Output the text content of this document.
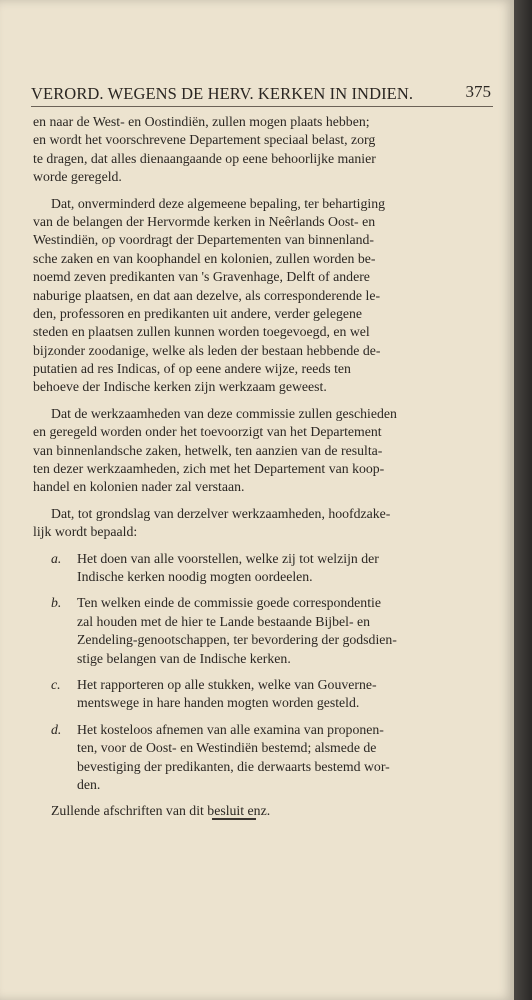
VERORD. WEGENS DE HERV. KERKEN IN INDIEN.	375
en naar de West- en Oostindiën, zullen mogen plaats hebben;
en wordt het voorschrevene Departement speciaal belast, zorg
te dragen, dat alles dienaangaande op eene behoorlijke manier
worde geregeld.
Dat, onverminderd deze algemeene bepaling, ter behartiging
van de belangen der Hervormde kerken in Neêrlands Oost- en
Westindiën, op voordragt der Departementen van binnenland-
sche zaken en van koophandel en kolonien, zullen worden be-
noemd zeven predikanten van 's Gravenhage, Delft of andere
naburige plaatsen, en dat aan dezelve, als corresponderende le-
den, professoren en predikanten uit andere, verder gelegene
steden en plaatsen zullen kunnen worden toegevoegd, en wel
bijzonder zoodanige, welke als leden der bestaan hebbende de-
putatien ad res Indicas, of op eene andere wijze, reeds ten
behoeve der Indische kerken zijn werkzaam geweest.
Dat de werkzaamheden van deze commissie zullen geschieden
en geregeld worden onder het toevoorzigt van het Departement
van binnenlandsche zaken, hetwelk, ten aanzien van de resulta-
ten dezer werkzaamheden, zich met het Departement van koop-
handel en kolonien nader zal verstaan.
Dat, tot grondslag van derzelver werkzaamheden, hoofdzake-
lijk wordt bepaald:
a. Het doen van alle voorstellen, welke zij tot welzijn der
Indische kerken noodig mogten oordeelen.
b. Ten welken einde de commissie goede correspondentie
zal houden met de hier te Lande bestaande Bijbel- en
Zendeling-genootschappen, ter bevordering der godsdien-
stige belangen van de Indische kerken.
c. Het rapporteren op alle stukken, welke van Gouverne-
mentswege in hare handen mogten worden gesteld.
d. Het kosteloos afnemen van alle examina van proponen-
ten, voor de Oost- en Westindiën bestemd; alsmede de
bevestiging der predikanten, die derwaarts bestemd wor-
den.
Zullende afschriften van dit besluit enz.
